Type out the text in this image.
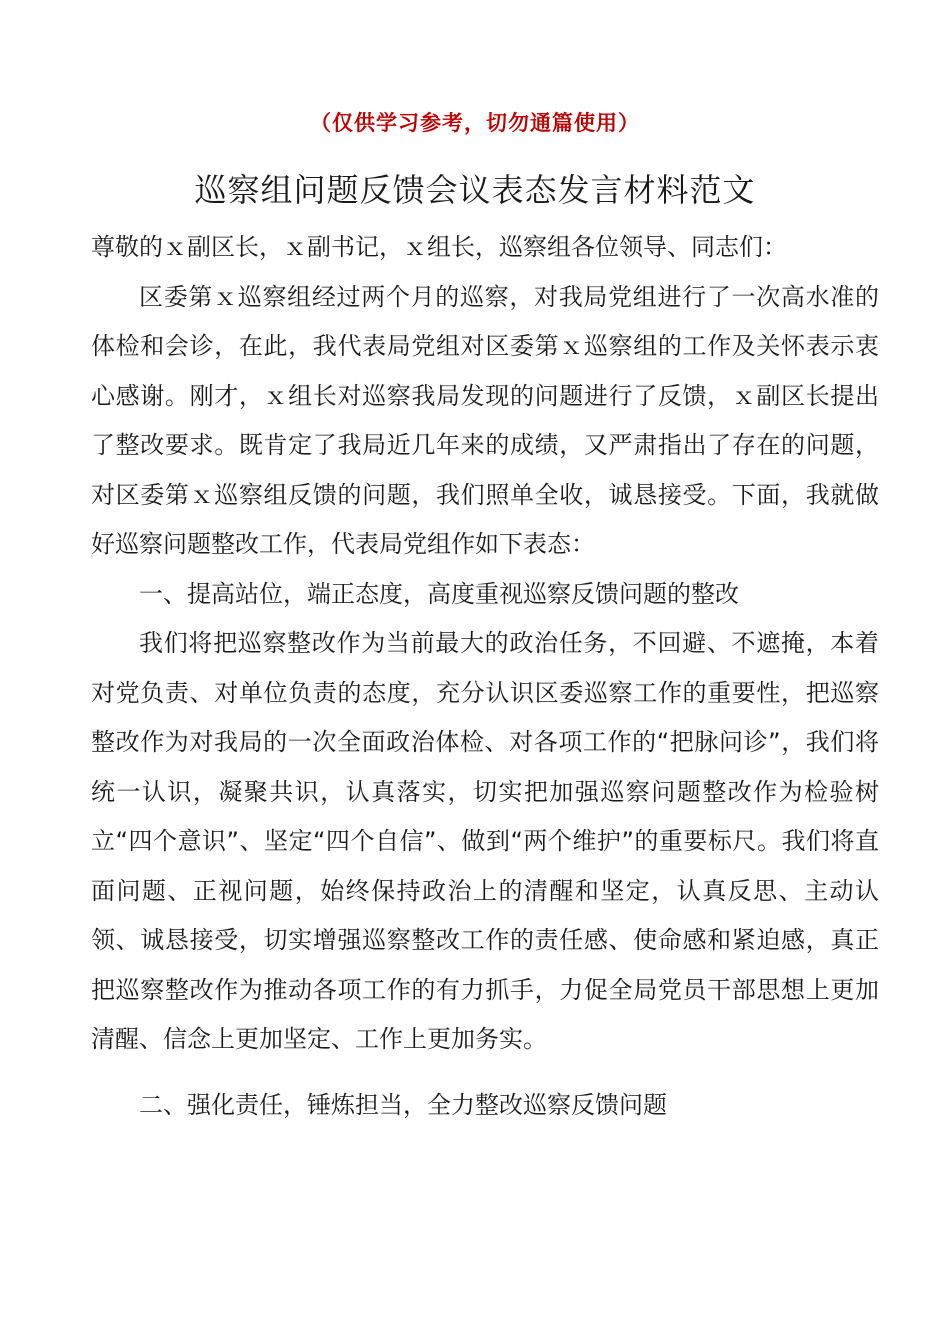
（仅供学习参考，切勿通篇使用）
巡察组问题反馈会议表态发言材料范文

尊敬的ｘ副区长，ｘ副书记，ｘ组长，巡察组各位领导、同志们：

区委第ｘ巡察组经过两个月的巡察，对我局党组进行了一次高水准的体检和会诊，在此，我代表局党组对区委第ｘ巡察组的工作及关怀表示衷心感谢。刚才，ｘ组长对巡察我局发现的问题进行了反馈，ｘ副区长提出了整改要求。既肯定了我局近几年来的成绩，又严肃指出了存在的问题，对区委第ｘ巡察组反馈的问题，我们照单全收，诚恳接受。下面，我就做好巡察问题整改工作，代表局党组作如下表态：

一、提高站位，端正态度，高度重视巡察反馈问题的整改

我们将把巡察整改作为当前最大的政治任务，不回避、不遮掩，本着对党负责、对单位负责的态度，充分认识区委巡察工作的重要性，把巡察整改作为对我局的一次全面政治体检、对各项工作的“把脉问诊”，我们将统一认识，凝聚共识，认真落实，切实把加强巡察问题整改作为检验树立“四个意识”、坚定“四个自信”、做到“两个维护”的重要标尺。我们将直面问题、正视问题，始终保持政治上的清醒和坚定，认真反思、主动认领、诚恳接受，切实增强巡察整改工作的责任感、使命感和紧迫感，真正把巡察整改作为推动各项工作的有力抓手，力促全局党员干部思想上更加清醒、信念上更加坚定、工作上更加务实。

二、强化责任，锤炼担当，全力整改巡察反馈问题
